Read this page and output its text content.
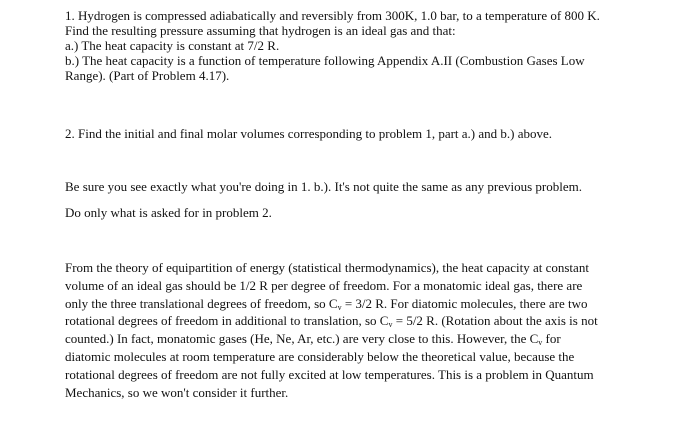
1. Hydrogen is compressed adiabatically and reversibly from 300K, 1.0 bar, to a temperature of 800 K.
Find the resulting pressure assuming that hydrogen is an ideal gas and that:
a.) The heat capacity is constant at 7/2 R.
b.) The heat capacity is a function of temperature following Appendix A.II (Combustion Gases Low
Range). (Part of Problem 4.17).
2. Find the initial and final molar volumes corresponding to problem 1, part a.) and b.) above.
Be sure you see exactly what you're doing in 1. b.). It's not quite the same as any previous problem.
Do only what is asked for in problem 2.
From the theory of equipartition of energy (statistical thermodynamics), the heat capacity at constant
volume of an ideal gas should be 1/2 R per degree of freedom. For a monatomic ideal gas, there are
only the three translational degrees of freedom, so $C_v = 3/2$ R. For diatomic molecules, there are two
rotational degrees of freedom in additional to translation, so $C_v = 5/2$ R. (Rotation about the axis is not
counted.) In fact, monatomic gases (He, Ne, Ar, etc.) are very close to this. However, the $C_v$ for
diatomic molecules at room temperature are considerably below the theoretical value, because the
rotational degrees of freedom are not fully excited at low temperatures. This is a problem in Quantum
Mechanics, so we won't consider it further.
